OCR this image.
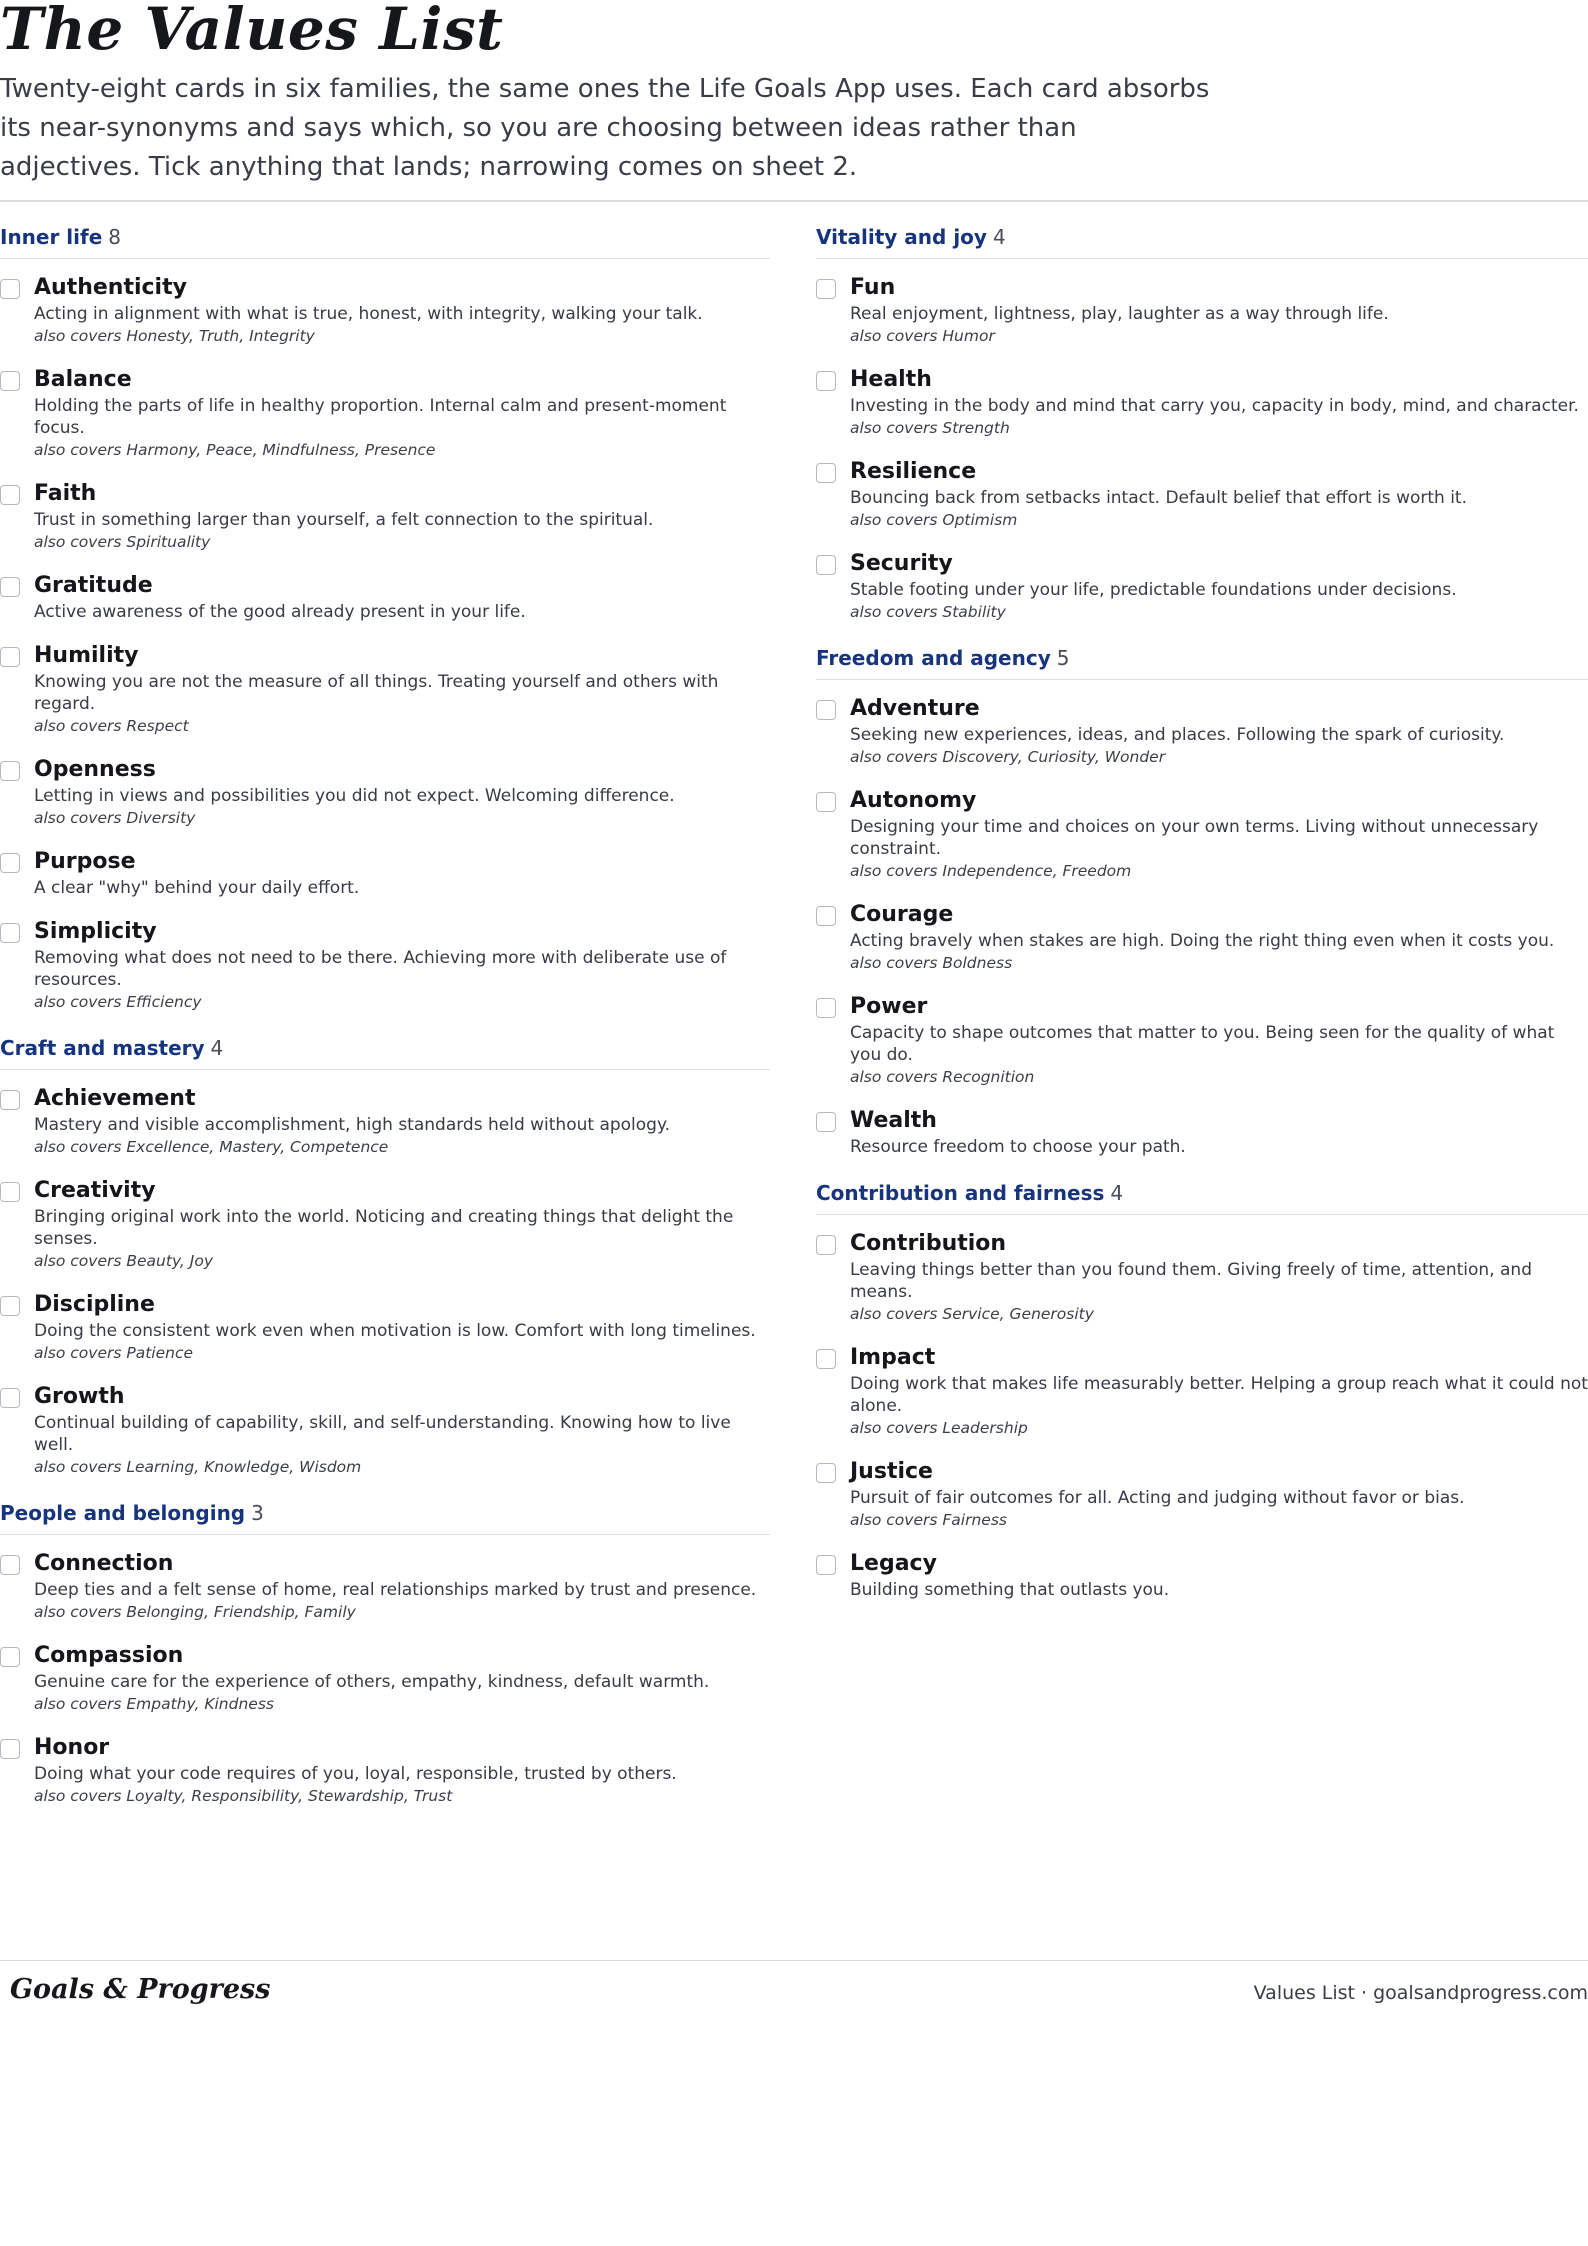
The Values List

Twenty-eight cards in six families, the same ones the Life Goals App uses. Each card absorbs its near-synonyms and says which, so you are choosing between ideas rather than adjectives. Tick anything that lands; narrowing comes on sheet 2.

Inner life 8
Authenticity
Acting in alignment with what is true, honest, with integrity, walking your talk.
also covers Honesty, Truth, Integrity
Balance
Holding the parts of life in healthy proportion. Internal calm and present-moment focus.
also covers Harmony, Peace, Mindfulness, Presence
Faith
Trust in something larger than yourself, a felt connection to the spiritual.
also covers Spirituality
Gratitude
Active awareness of the good already present in your life.
Humility
Knowing you are not the measure of all things. Treating yourself and others with regard.
also covers Respect
Openness
Letting in views and possibilities you did not expect. Welcoming difference.
also covers Diversity
Purpose
A clear "why" behind your daily effort.
Simplicity
Removing what does not need to be there. Achieving more with deliberate use of resources.
also covers Efficiency
Craft and mastery 4
Achievement
Mastery and visible accomplishment, high standards held without apology.
also covers Excellence, Mastery, Competence
Creativity
Bringing original work into the world. Noticing and creating things that delight the senses.
also covers Beauty, Joy
Discipline
Doing the consistent work even when motivation is low. Comfort with long timelines.
also covers Patience
Growth
Continual building of capability, skill, and self-understanding. Knowing how to live well.
also covers Learning, Knowledge, Wisdom
People and belonging 3
Connection
Deep ties and a felt sense of home, real relationships marked by trust and presence.
also covers Belonging, Friendship, Family
Compassion
Genuine care for the experience of others, empathy, kindness, default warmth.
also covers Empathy, Kindness
Honor
Doing what your code requires of you, loyal, responsible, trusted by others.
also covers Loyalty, Responsibility, Stewardship, Trust
Vitality and joy 4
Fun
Real enjoyment, lightness, play, laughter as a way through life.
also covers Humor
Health
Investing in the body and mind that carry you, capacity in body, mind, and character.
also covers Strength
Resilience
Bouncing back from setbacks intact. Default belief that effort is worth it.
also covers Optimism
Security
Stable footing under your life, predictable foundations under decisions.
also covers Stability
Freedom and agency 5
Adventure
Seeking new experiences, ideas, and places. Following the spark of curiosity.
also covers Discovery, Curiosity, Wonder
Autonomy
Designing your time and choices on your own terms. Living without unnecessary constraint.
also covers Independence, Freedom
Courage
Acting bravely when stakes are high. Doing the right thing even when it costs you.
also covers Boldness
Power
Capacity to shape outcomes that matter to you. Being seen for the quality of what you do.
also covers Recognition
Wealth
Resource freedom to choose your path.
Contribution and fairness 4
Contribution
Leaving things better than you found them. Giving freely of time, attention, and means.
also covers Service, Generosity
Impact
Doing work that makes life measurably better. Helping a group reach what it could not alone.
also covers Leadership
Justice
Pursuit of fair outcomes for all. Acting and judging without favor or bias.
also covers Fairness
Legacy
Building something that outlasts you.
Goals & Progress	Values List · goalsandprogress.com
